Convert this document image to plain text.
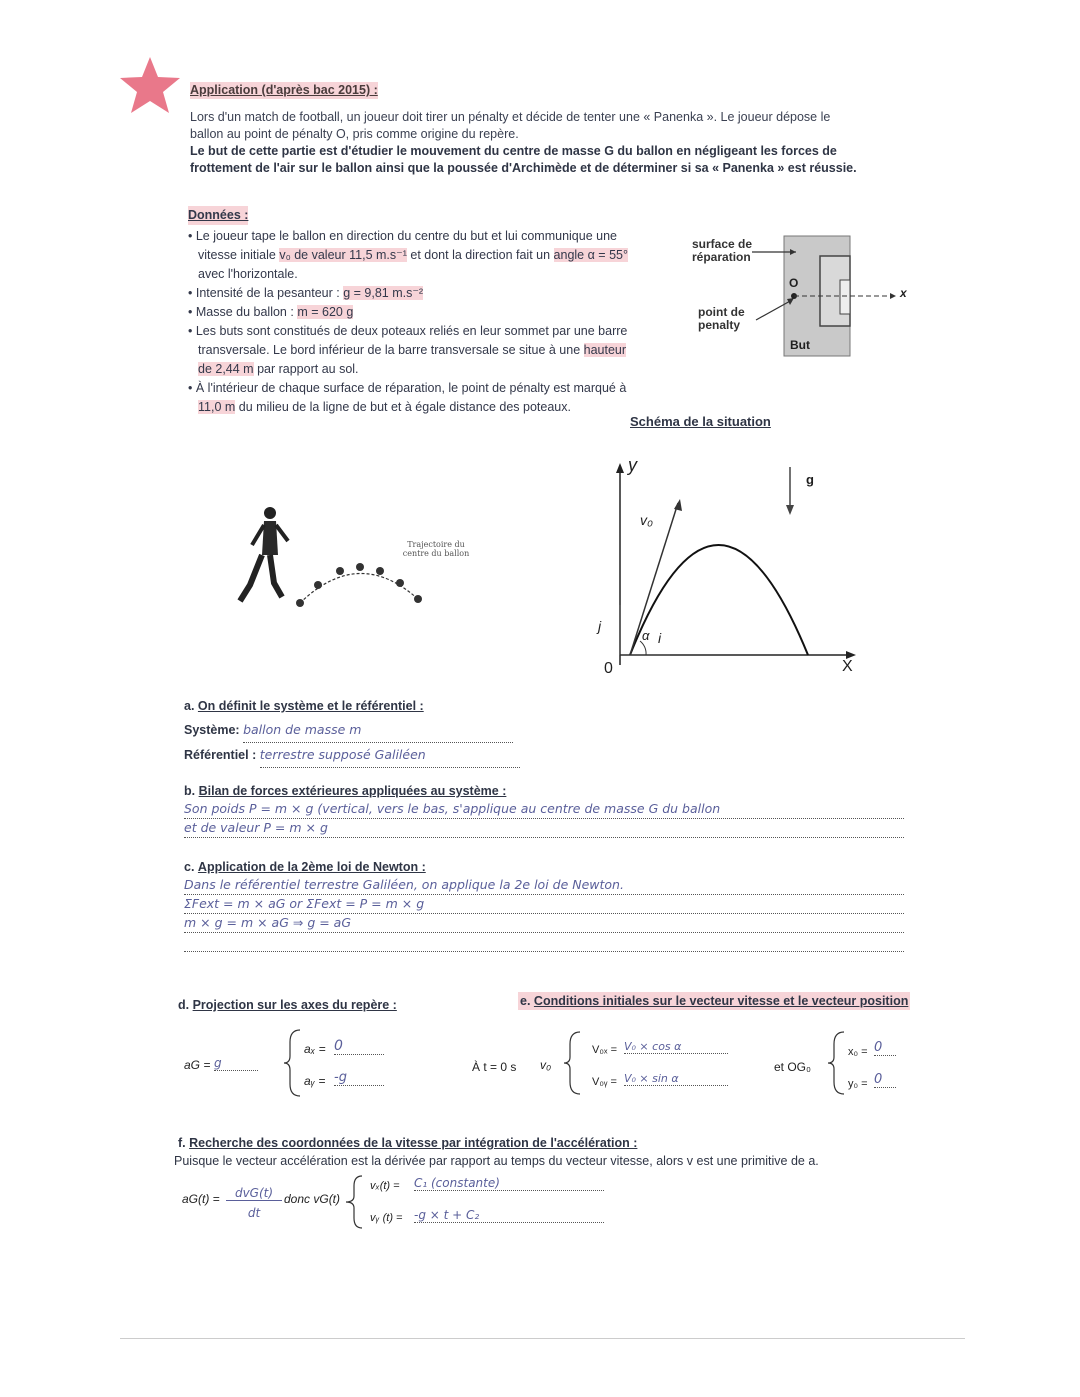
Application (d'après bac 2015) :

Lors d'un match de football, un joueur doit tirer un pénalty et décide de tenter une « Panenka ». Le joueur dépose le

ballon au point de pénalty O, pris comme origine du repère.

Le but de cette partie est d'étudier le mouvement du centre de masse G du ballon en négligeant les forces de

frottement de l'air sur le ballon ainsi que la poussée d'Archimède et de déterminer si sa « Panenka » est réussie.

Données :

• Le joueur tape le ballon en direction du centre du but et lui communique une

vitesse initiale v₀ de valeur 11,5 m.s⁻¹ et dont la direction fait un angle α = 55°

avec l'horizontale.

• Intensité de la pesanteur : g = 9,81 m.s⁻²

• Masse du ballon : m = 620 g

• Les buts sont constitués de deux poteaux reliés en leur sommet par une barre

transversale. Le bord inférieur de la barre transversale se situe à une hauteur

de 2,44 m par rapport au sol.

• À l'intérieur de chaque surface de réparation, le point de pénalty est marqué à

11,0 m du milieu de la ligne de but et à égale distance des poteaux.

surface de réparation
point de penalty
O
x
But
Schéma de la situation
Trajectoire du centre du ballon
y
X
0
v₀
j
i
α
g

a. On définit le système et le référentiel :

Système: ballon de masse m

Référentiel : terrestre supposé Galiléen

b. Bilan de forces extérieures appliquées au système :

Son poids P = m × g (vertical, vers le bas, s'applique au centre de masse G du ballon

et de valeur P = m × g

c. Application de la 2ème loi de Newton :

Dans le référentiel terrestre Galiléen, on applique la 2e loi de Newton.

ΣFext = m × aG or ΣFext = P = m × g

m × g = m × aG ⇒ g = aG

d. Projection sur les axes du repère :

aG = g
aₓ = 0
aᵧ = -g
e. Conditions initiales sur le vecteur vitesse et le vecteur position
À t = 0 s v₀
V₀ₓ = V₀ × cos α
V₀ᵧ = V₀ × sin α
et OG₀
x₀ = 0
y₀ = 0

f. Recherche des coordonnées de la vitesse par intégration de l'accélération :

Puisque le vecteur accélération est la dérivée par rapport au temps du vecteur vitesse, alors v est une primitive de a.

aG(t) =	dvG(t)
dt
donc vG(t)
vₓ(t) = C₁ (constante)
vᵧ (t) = -g × t + C₂
